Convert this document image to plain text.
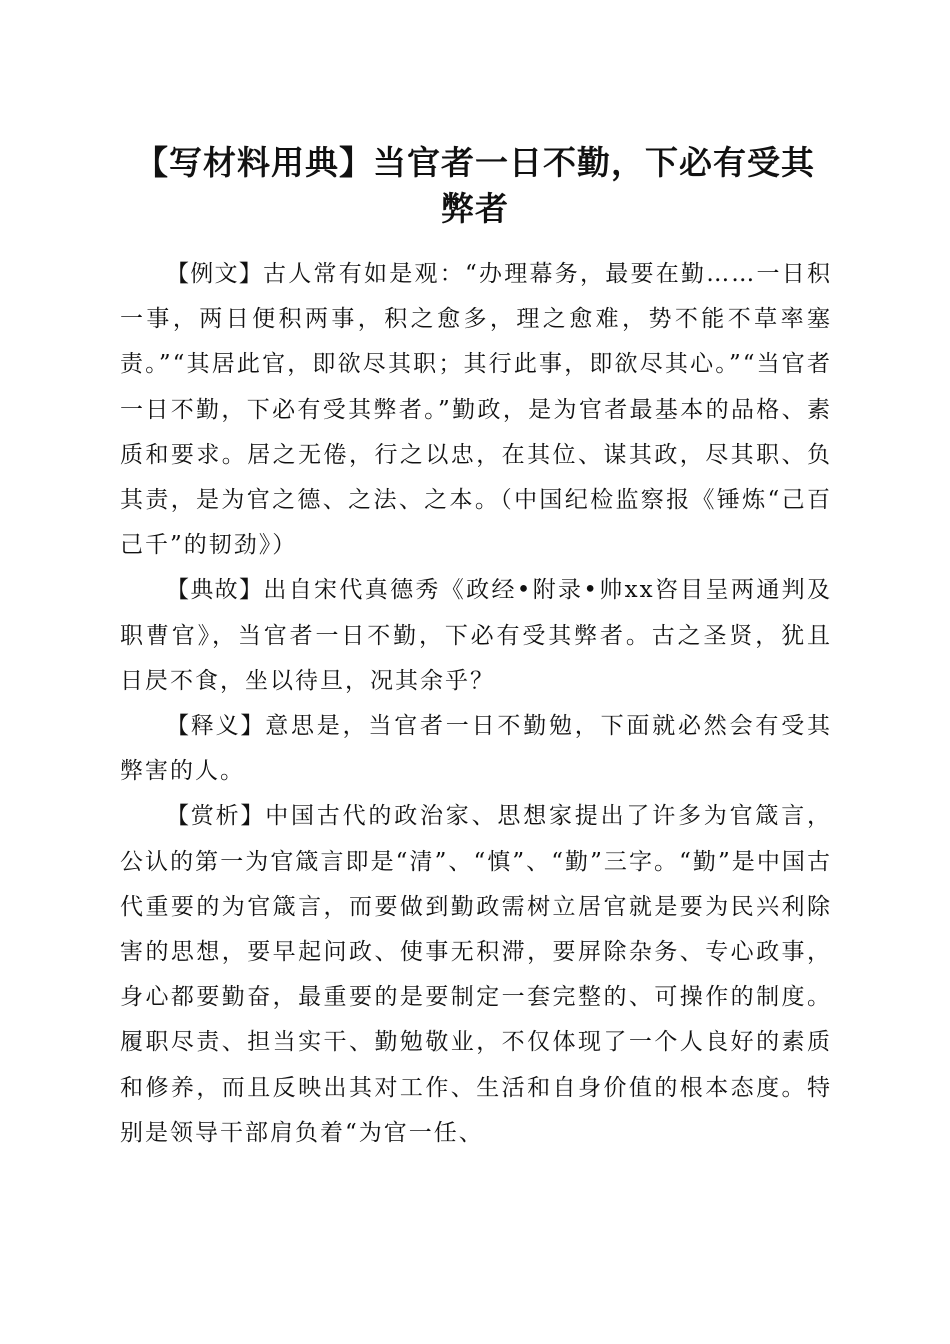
【写材料用典】当官者一日不勤，下必有受其
弊者

【例文】古人常有如是观：“办理幕务，最要在勤……一日积一事，两日便积两事，积之愈多，理之愈难，势不能不草率塞责。”“其居此官，即欲尽其职；其行此事，即欲尽其心。”“当官者一日不勤，下必有受其弊者。”勤政，是为官者最基本的品格、素质和要求。居之无倦，行之以忠，在其位、谋其政，尽其职、负其责，是为官之德、之法、之本。（中国纪检监察报《锤炼“己百己千”的韧劲》）

【典故】出自宋代真德秀《政经•附录•帅xx咨目呈两通判及职曹官》，当官者一日不勤，下必有受其弊者。古之圣贤，犹且日昃不食，坐以待旦，况其余乎？

【释义】意思是，当官者一日不勤勉，下面就必然会有受其弊害的人。

【赏析】中国古代的政治家、思想家提出了许多为官箴言，公认的第一为官箴言即是“清”、“慎”、“勤”三字。“勤”是中国古代重要的为官箴言，而要做到勤政需树立居官就是要为民兴利除害的思想，要早起问政、使事无积滞，要屏除杂务、专心政事，身心都要勤奋，最重要的是要制定一套完整的、可操作的制度。履职尽责、担当实干、勤勉敬业，不仅体现了一个人良好的素质和修养，而且反映出其对工作、生活和自身价值的根本态度。特别是领导干部肩负着“为官一任、
